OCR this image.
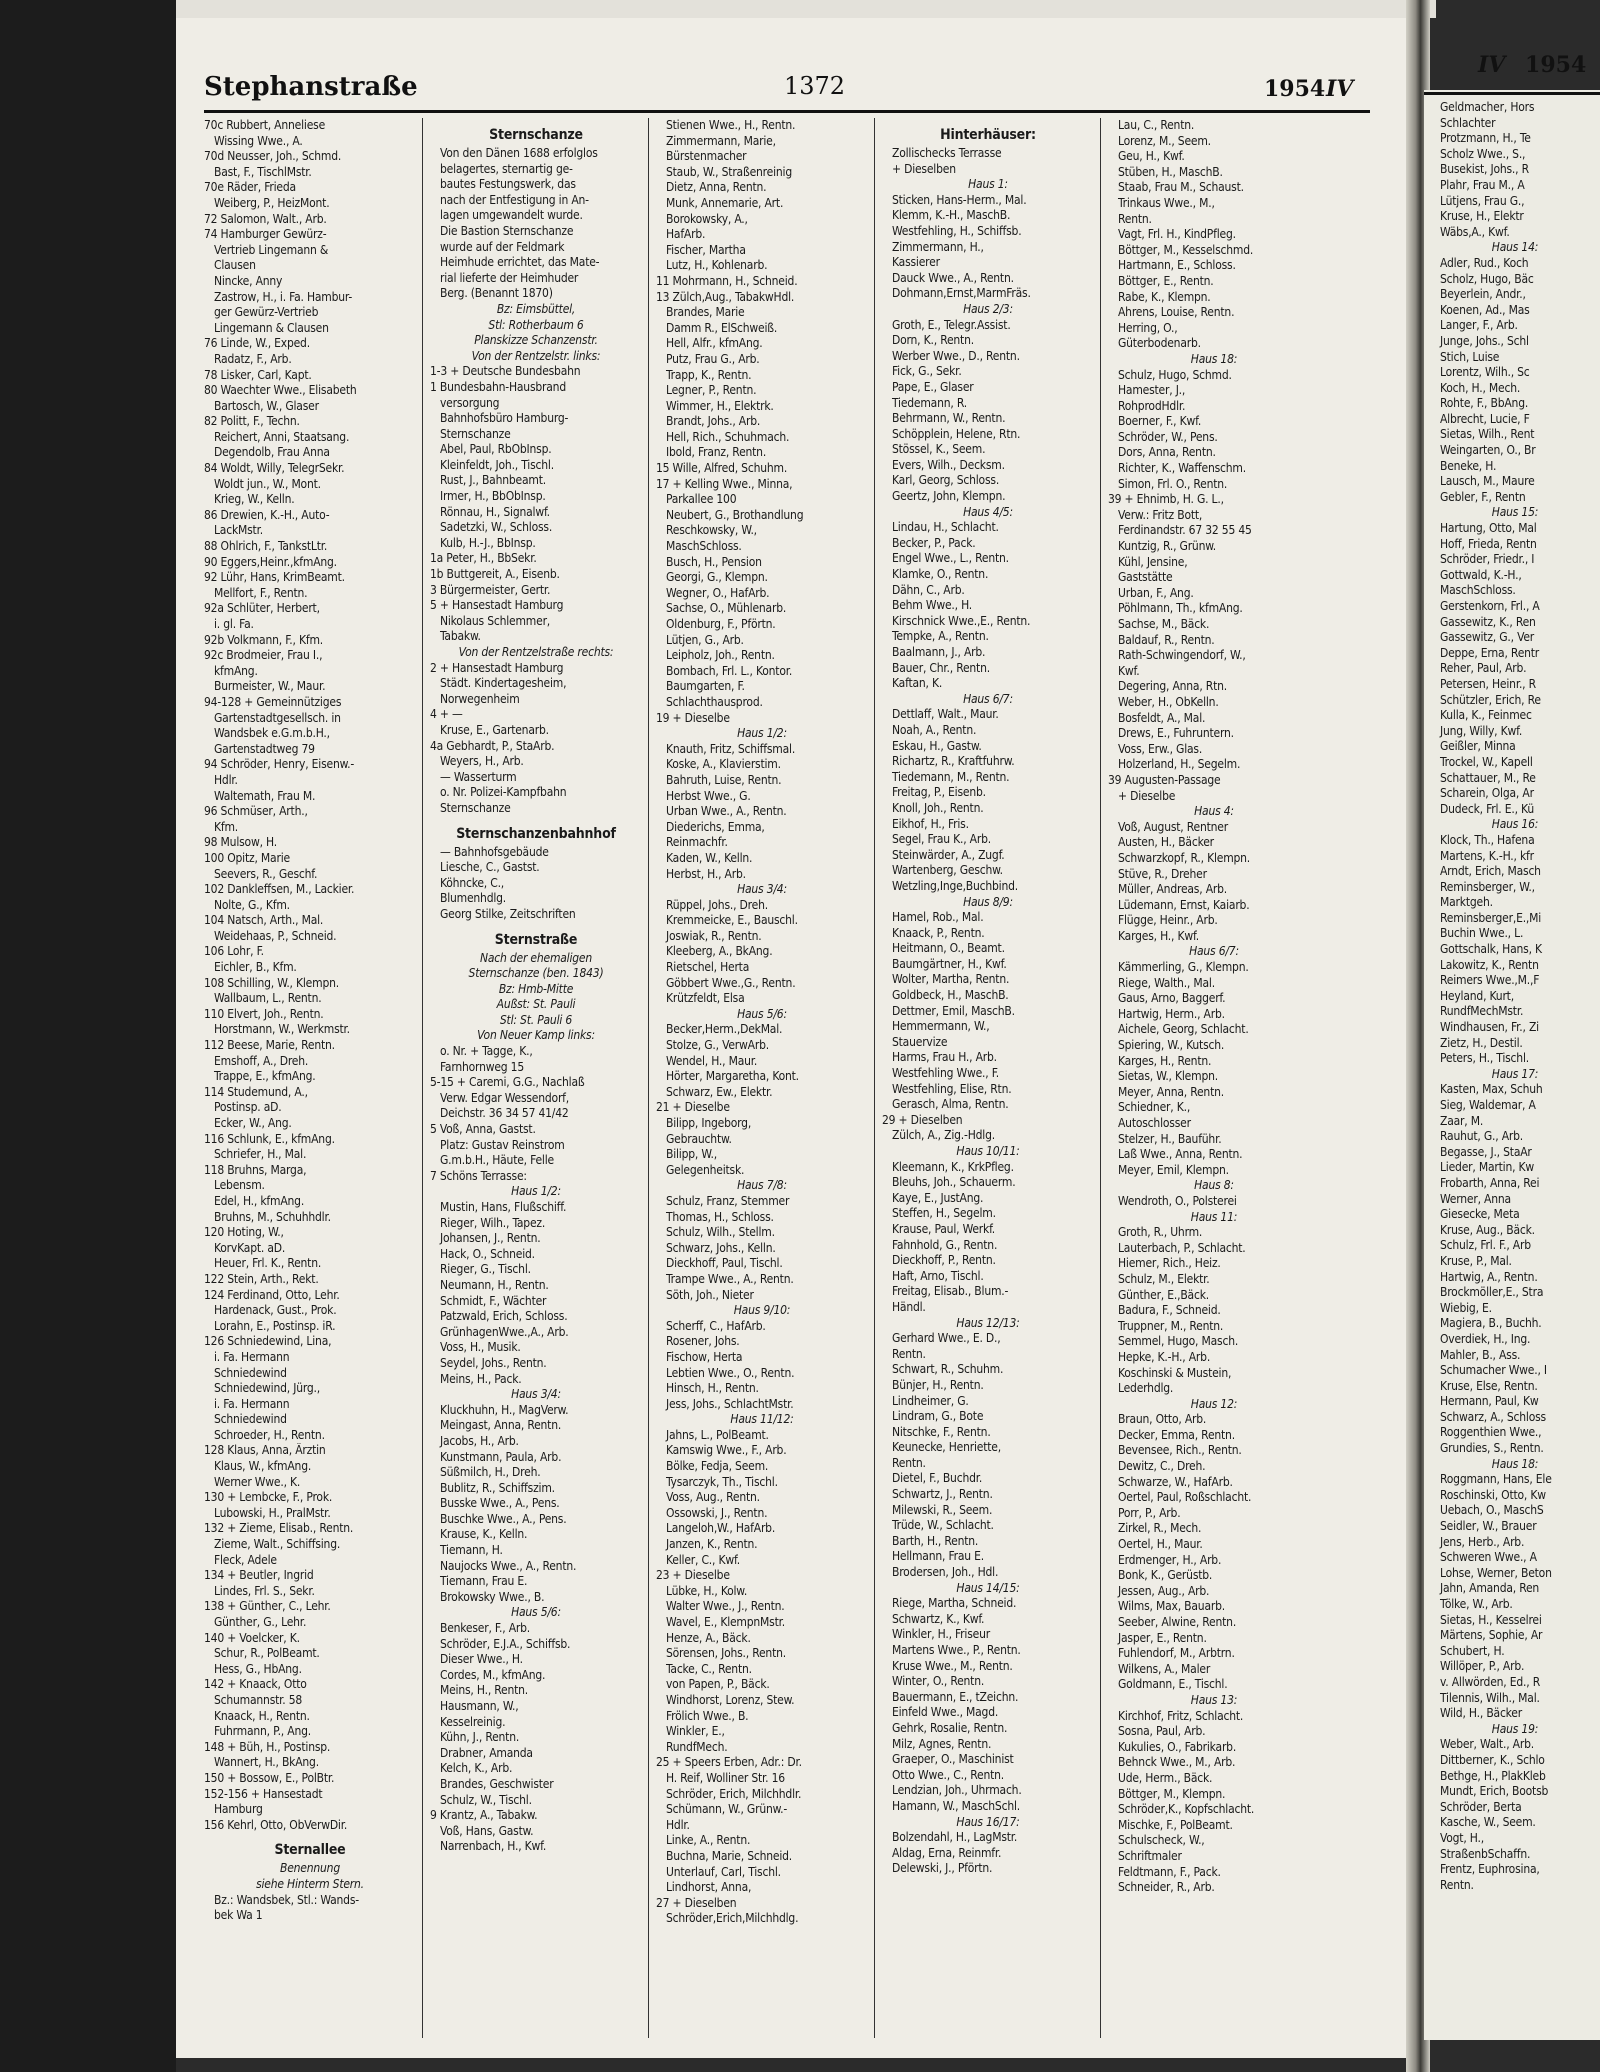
Stephanstraße	1372	1954 IV
70c Rubbert, Anneliese
Wissing Wwe., A.
70d Neusser, Joh., Schmd.
Bast, F., TischlMstr.
70e Räder, Frieda
Weiberg, P., HeizMont.
72 Salomon, Walt., Arb.
74 Hamburger Gewürz-
Vertrieb Lingemann &
Clausen
Nincke, Anny
Zastrow, H., i. Fa. Hambur-
ger Gewürz-Vertrieb
Lingemann & Clausen
76 Linde, W., Exped.
Radatz, F., Arb.
78 Lisker, Carl, Kapt.
80 Waechter Wwe., Elisabeth
Bartosch, W., Glaser
82 Politt, F., Techn.
Reichert, Anni, Staatsang.
Degendolb, Frau Anna
84 Woldt, Willy, TelegrSekr.
Woldt jun., W., Mont.
Krieg, W., Kelln.
86 Drewien, K.-H., Auto-
LackMstr.
88 Ohlrich, F., TankstLtr.
90 Eggers,Heinr.,kfmAng.
92 Lühr, Hans, KrimBeamt.
Mellfort, F., Rentn.
92a Schlüter, Herbert,
i. gl. Fa.
92b Volkmann, F., Kfm.
92c Brodmeier, Frau I.,
kfmAng.
Burmeister, W., Maur.
94-128 + Gemeinnütziges
Gartenstadtgesellsch. in
Wandsbek e.G.m.b.H.,
Gartenstadtweg 79
94 Schröder, Henry, Eisenw.-
Hdlr.
Waltemath, Frau M.
96 Schmüser, Arth.,
Kfm.
98 Mulsow, H.
100 Opitz, Marie
Seevers, R., Geschf.
102 Dankleffsen, M., Lackier.
Nolte, G., Kfm.
104 Natsch, Arth., Mal.
Weidehaas, P., Schneid.
106 Lohr, F.
Eichler, B., Kfm.
108 Schilling, W., Klempn.
Wallbaum, L., Rentn.
110 Elvert, Joh., Rentn.
Horstmann, W., Werkmstr.
112 Beese, Marie, Rentn.
Emshoff, A., Dreh.
Trappe, E., kfmAng.
114 Studemund, A.,
Postinsp. aD.
Ecker, W., Ang.
116 Schlunk, E., kfmAng.
Schriefer, H., Mal.
118 Bruhns, Marga,
Lebensm.
Edel, H., kfmAng.
Bruhns, M., Schuhhdlr.
120 Hoting, W.,
KorvKapt. aD.
Heuer, Frl. K., Rentn.
122 Stein, Arth., Rekt.
124 Ferdinand, Otto, Lehr.
Hardenack, Gust., Prok.
Lorahn, E., Postinsp. iR.
126 Schniedewind, Lina,
i. Fa. Hermann
Schniedewind
Schniedewind, Jürg.,
i. Fa. Hermann
Schniedewind
Schroeder, H., Rentn.
128 Klaus, Anna, Ärztin
Klaus, W., kfmAng.
Werner Wwe., K.
130 + Lembcke, F., Prok.
Lubowski, H., PralMstr.
132 + Zieme, Elisab., Rentn.
Zieme, Walt., Schiffsing.
Fleck, Adele
134 + Beutler, Ingrid
Lindes, Frl. S., Sekr.
138 + Günther, C., Lehr.
Günther, G., Lehr.
140 + Voelcker, K.
Schur, R., PolBeamt.
Hess, G., HbAng.
142 + Knaack, Otto
Schumannstr. 58
Knaack, H., Rentn.
Fuhrmann, P., Ang.
148 + Büh, H., Postinsp.
Wannert, H., BkAng.
150 + Bossow, E., PolBtr.
152-156 + Hansestadt
Hamburg
156 Kehrl, Otto, ObVerwDir.
Sternallee
Benennung
siehe Hinterm Stern.
Bz.: Wandsbek, Stl.: Wands-
bek Wa 1
Sternschanze
Von den Dänen 1688 erfolglos
belagertes, sternartig ge-
bautes Festungswerk, das
nach der Entfestigung in An-
lagen umgewandelt wurde.
Die Bastion Sternschanze
wurde auf der Feldmark
Heimhude errichtet, das Mate-
rial lieferte der Heimhuder
Berg. (Benannt 1870)
Bz: Eimsbüttel,
Stl: Rotherbaum 6
Planskizze Schanzenstr.
Von der Rentzelstr. links:
1-3 + Deutsche Bundesbahn
1 Bundesbahn-Hausbrand
versorgung
Bahnhofsbüro Hamburg-
Sternschanze
Abel, Paul, RbObInsp.
Kleinfeldt, Joh., Tischl.
Rust, J., Bahnbeamt.
Irmer, H., BbObInsp.
Rönnau, H., Signalwf.
Sadetzki, W., Schloss.
Kulb, H.-J., BbInsp.
1a Peter, H., BbSekr.
1b Buttgereit, A., Eisenb.
3 Bürgermeister, Gertr.
5 + Hansestadt Hamburg
Nikolaus Schlemmer,
Tabakw.
Von der Rentzelstraße rechts:
2 + Hansestadt Hamburg
Städt. Kindertagesheim,
Norwegenheim
4 + —
Kruse, E., Gartenarb.
4a Gebhardt, P., StaArb.
Weyers, H., Arb.
— Wasserturm
o. Nr. Polizei-Kampfbahn
Sternschanze
Sternschanzenbahnhof
— Bahnhofsgebäude
Liesche, C., Gastst.
Köhncke, C.,
Blumenhdlg.
Georg Stilke, Zeitschriften
Sternstraße
Nach der ehemaligen
Sternschanze (ben. 1843)
Bz: Hmb-Mitte
Außst: St. Pauli
Stl: St. Pauli 6
Von Neuer Kamp links:
o. Nr. + Tagge, K.,
Farnhornweg 15
5-15 + Caremi, G.G., Nachlaß
Verw. Edgar Wessendorf,
Deichstr. 36 34 57 41/42
5 Voß, Anna, Gastst.
Platz: Gustav Reinstrom
G.m.b.H., Häute, Felle
7 Schöns Terrasse:
Haus 1/2:
Mustin, Hans, Flußschiff.
Rieger, Wilh., Tapez.
Johansen, J., Rentn.
Hack, O., Schneid.
Rieger, G., Tischl.
Neumann, H., Rentn.
Schmidt, F., Wächter
Patzwald, Erich, Schloss.
GrünhagenWwe.,A., Arb.
Voss, H., Musik.
Seydel, Johs., Rentn.
Meins, H., Pack.
Haus 3/4:
Kluckhuhn, H., MagVerw.
Meingast, Anna, Rentn.
Jacobs, H., Arb.
Kunstmann, Paula, Arb.
Süßmilch, H., Dreh.
Bublitz, R., Schiffszim.
Busske Wwe., A., Pens.
Buschke Wwe., A., Pens.
Krause, K., Kelln.
Tiemann, H.
Naujocks Wwe., A., Rentn.
Tiemann, Frau E.
Brokowsky Wwe., B.
Haus 5/6:
Benkeser, F., Arb.
Schröder, E.J.A., Schiffsb.
Dieser Wwe., H.
Cordes, M., kfmAng.
Meins, H., Rentn.
Hausmann, W.,
Kesselreinig.
Kühn, J., Rentn.
Drabner, Amanda
Kelch, K., Arb.
Brandes, Geschwister
Schulz, W., Tischl.
9 Krantz, A., Tabakw.
Voß, Hans, Gastw.
Narrenbach, H., Kwf.
Stienen Wwe., H., Rentn.
Zimmermann, Marie,
Bürstenmacher
Staub, W., Straßenreinig
Dietz, Anna, Rentn.
Munk, Annemarie, Art.
Borokowsky, A.,
HafArb.
Fischer, Martha
Lutz, H., Kohlenarb.
11 Mohrmann, H., Schneid.
13 Zülch,Aug., TabakwHdl.
Brandes, Marie
Damm R., ElSchweiß.
Hell, Alfr., kfmAng.
Putz, Frau G., Arb.
Trapp, K., Rentn.
Legner, P., Rentn.
Wimmer, H., Elektrk.
Brandt, Johs., Arb.
Hell, Rich., Schuhmach.
Ibold, Franz, Rentn.
15 Wille, Alfred, Schuhm.
17 + Kelling Wwe., Minna,
Parkallee 100
Neubert, G., Brothandlung
Reschkowsky, W.,
MaschSchloss.
Busch, H., Pension
Georgi, G., Klempn.
Wegner, O., HafArb.
Sachse, O., Mühlenarb.
Oldenburg, F., Pförtn.
Lütjen, G., Arb.
Leipholz, Joh., Rentn.
Bombach, Frl. L., Kontor.
Baumgarten, F.
Schlachthausprod.
19 + Dieselbe
Haus 1/2:
Knauth, Fritz, Schiffsmal.
Koske, A., Klavierstim.
Bahruth, Luise, Rentn.
Herbst Wwe., G.
Urban Wwe., A., Rentn.
Diederichs, Emma,
Reinmachfr.
Kaden, W., Kelln.
Herbst, H., Arb.
Haus 3/4:
Rüppel, Johs., Dreh.
Kremmeicke, E., Bauschl.
Joswiak, R., Rentn.
Kleeberg, A., BkAng.
Rietschel, Herta
Göbbert Wwe.,G., Rentn.
Krützfeldt, Elsa
Haus 5/6:
Becker,Herm.,DekMal.
Stolze, G., VerwArb.
Wendel, H., Maur.
Hörter, Margaretha, Kont.
Schwarz, Ew., Elektr.
21 + Dieselbe
Bilipp, Ingeborg,
Gebrauchtw.
Bilipp, W.,
Gelegenheitsk.
Haus 7/8:
Schulz, Franz, Stemmer
Thomas, H., Schloss.
Schulz, Wilh., Stellm.
Schwarz, Johs., Kelln.
Dieckhoff, Paul, Tischl.
Trampe Wwe., A., Rentn.
Söth, Joh., Nieter
Haus 9/10:
Scherff, C., HafArb.
Rosener, Johs.
Fischow, Herta
Lebtien Wwe., O., Rentn.
Hinsch, H., Rentn.
Jess, Johs., SchlachtMstr.
Haus 11/12:
Jahns, L., PolBeamt.
Kamswig Wwe., F., Arb.
Bölke, Fedja, Seem.
Tysarczyk, Th., Tischl.
Voss, Aug., Rentn.
Ossowski, J., Rentn.
Langeloh,W., HafArb.
Janzen, K., Rentn.
Keller, C., Kwf.
23 + Dieselbe
Lübke, H., Kolw.
Walter Wwe., J., Rentn.
Wavel, E., KlempnMstr.
Henze, A., Bäck.
Sörensen, Johs., Rentn.
Tacke, C., Rentn.
von Papen, P., Bäck.
Windhorst, Lorenz, Stew.
Frölich Wwe., B.
Winkler, E.,
RundfMech.
25 + Speers Erben, Adr.: Dr.
H. Reif, Wolliner Str. 16
Schröder, Erich, Milchhdlr.
Schümann, W., Grünw.-
Hdlr.
Linke, A., Rentn.
Buchna, Marie, Schneid.
Unterlauf, Carl, Tischl.
Lindhorst, Anna,
27 + Dieselben
Schröder,Erich,Milchhdlg.
Hinterhäuser:
Zollischecks Terrasse
+ Dieselben
Haus 1:
Sticken, Hans-Herm., Mal.
Klemm, K.-H., MaschB.
Westfehling, H., Schiffsb.
Zimmermann, H.,
Kassierer
Dauck Wwe., A., Rentn.
Dohmann,Ernst,MarmFräs.
Haus 2/3:
Groth, E., Telegr.Assist.
Dorn, K., Rentn.
Werber Wwe., D., Rentn.
Fick, G., Sekr.
Pape, E., Glaser
Tiedemann, R.
Behrmann, W., Rentn.
Schöpplein, Helene, Rtn.
Stössel, K., Seem.
Evers, Wilh., Decksm.
Karl, Georg, Schloss.
Geertz, John, Klempn.
Haus 4/5:
Lindau, H., Schlacht.
Becker, P., Pack.
Engel Wwe., L., Rentn.
Klamke, O., Rentn.
Dähn, C., Arb.
Behm Wwe., H.
Kirschnick Wwe.,E., Rentn.
Tempke, A., Rentn.
Baalmann, J., Arb.
Bauer, Chr., Rentn.
Kaftan, K.
Haus 6/7:
Dettlaff, Walt., Maur.
Noah, A., Rentn.
Eskau, H., Gastw.
Richartz, R., Kraftfuhrw.
Tiedemann, M., Rentn.
Freitag, P., Eisenb.
Knoll, Joh., Rentn.
Eikhof, H., Fris.
Segel, Frau K., Arb.
Steinwärder, A., Zugf.
Wartenberg, Geschw.
Wetzling,Inge,Buchbind.
Haus 8/9:
Hamel, Rob., Mal.
Knaack, P., Rentn.
Heitmann, O., Beamt.
Baumgärtner, H., Kwf.
Wolter, Martha, Rentn.
Goldbeck, H., MaschB.
Dettmer, Emil, MaschB.
Hemmermann, W.,
Stauervize
Harms, Frau H., Arb.
Westfehling Wwe., F.
Westfehling, Elise, Rtn.
Gerasch, Alma, Rentn.
29 + Dieselben
Zülch, A., Zig.-Hdlg.
Haus 10/11:
Kleemann, K., KrkPfleg.
Bleuhs, Joh., Schauerm.
Kaye, E., JustAng.
Steffen, H., Segelm.
Krause, Paul, Werkf.
Fahnhold, G., Rentn.
Dieckhoff, P., Rentn.
Haft, Arno, Tischl.
Freitag, Elisab., Blum.-
Händl.
Haus 12/13:
Gerhard Wwe., E. D.,
Rentn.
Schwart, R., Schuhm.
Bünjer, H., Rentn.
Lindheimer, G.
Lindram, G., Bote
Nitschke, F., Rentn.
Keunecke, Henriette,
Rentn.
Dietel, F., Buchdr.
Schwartz, J., Rentn.
Milewski, R., Seem.
Trüde, W., Schlacht.
Barth, H., Rentn.
Hellmann, Frau E.
Brodersen, Joh., Hdl.
Haus 14/15:
Riege, Martha, Schneid.
Schwartz, K., Kwf.
Winkler, H., Friseur
Martens Wwe., P., Rentn.
Kruse Wwe., M., Rentn.
Winter, O., Rentn.
Bauermann, E., tZeichn.
Einfeld Wwe., Magd.
Gehrk, Rosalie, Rentn.
Milz, Agnes, Rentn.
Graeper, O., Maschinist
Otto Wwe., C., Rentn.
Lendzian, Joh., Uhrmach.
Hamann, W., MaschSchl.
Haus 16/17:
Bolzendahl, H., LagMstr.
Aldag, Erna, Reinmfr.
Delewski, J., Pförtn.
Lau, C., Rentn.
Lorenz, M., Seem.
Geu, H., Kwf.
Stüben, H., MaschB.
Staab, Frau M., Schaust.
Trinkaus Wwe., M.,
Rentn.
Vagt, Frl. H., KindPfleg.
Böttger, M., Kesselschmd.
Hartmann, E., Schloss.
Böttger, E., Rentn.
Rabe, K., Klempn.
Ahrens, Louise, Rentn.
Herring, O.,
Güterbodenarb.
Haus 18:
Schulz, Hugo, Schmd.
Hamester, J.,
RohprodHdlr.
Boerner, F., Kwf.
Schröder, W., Pens.
Dors, Anna, Rentn.
Richter, K., Waffenschm.
Simon, Frl. O., Rentn.
39 + Ehnimb, H. G. L.,
Verw.: Fritz Bott,
Ferdinandstr. 67 32 55 45
Kuntzig, R., Grünw.
Kühl, Jensine,
Gaststätte
Urban, F., Ang.
Pöhlmann, Th., kfmAng.
Sachse, M., Bäck.
Baldauf, R., Rentn.
Rath-Schwingendorf, W.,
Kwf.
Degering, Anna, Rtn.
Weber, H., ObKelln.
Bosfeldt, A., Mal.
Drews, E., Fuhruntern.
Voss, Erw., Glas.
Holzerland, H., Segelm.
39 Augusten-Passage
+ Dieselbe
Haus 4:
Voß, August, Rentner
Austen, H., Bäcker
Schwarzkopf, R., Klempn.
Stüve, R., Dreher
Müller, Andreas, Arb.
Lüdemann, Ernst, Kaiarb.
Flügge, Heinr., Arb.
Karges, H., Kwf.
Haus 6/7:
Kämmerling, G., Klempn.
Riege, Walth., Mal.
Gaus, Arno, Baggerf.
Hartwig, Herm., Arb.
Aichele, Georg, Schlacht.
Spiering, W., Kutsch.
Karges, H., Rentn.
Sietas, W., Klempn.
Meyer, Anna, Rentn.
Schiedner, K.,
Autoschlosser
Stelzer, H., Bauführ.
Laß Wwe., Anna, Rentn.
Meyer, Emil, Klempn.
Haus 8:
Wendroth, O., Polsterei
Haus 11:
Groth, R., Uhrm.
Lauterbach, P., Schlacht.
Hiemer, Rich., Heiz.
Schulz, M., Elektr.
Günther, E.,Bäck.
Badura, F., Schneid.
Truppner, M., Rentn.
Semmel, Hugo, Masch.
Hepke, K.-H., Arb.
Koschinski & Mustein,
Lederhdlg.
Haus 12:
Braun, Otto, Arb.
Decker, Emma, Rentn.
Bevensee, Rich., Rentn.
Dewitz, C., Dreh.
Schwarze, W., HafArb.
Oertel, Paul, Roßschlacht.
Porr, P., Arb.
Zirkel, R., Mech.
Oertel, H., Maur.
Erdmenger, H., Arb.
Bonk, K., Gerüstb.
Jessen, Aug., Arb.
Wilms, Max, Bauarb.
Seeber, Alwine, Rentn.
Jasper, E., Rentn.
Fuhlendorf, M., Arbtrn.
Wilkens, A., Maler
Goldmann, E., Tischl.
Haus 13:
Kirchhof, Fritz, Schlacht.
Sosna, Paul, Arb.
Kukulies, O., Fabrikarb.
Behnck Wwe., M., Arb.
Ude, Herm., Bäck.
Böttger, M., Klempn.
Schröder,K., Kopfschlacht.
Mischke, F., PolBeamt.
Schulscheck, W.,
Schriftmaler
Feldtmann, F., Pack.
Schneider, R., Arb.
Geldmacher, Hors
Schlachter
Protzmann, H., Te
Scholz Wwe., S.,
Busekist, Johs., R
Plahr, Frau M., A
Lütjens, Frau G.,
Kruse, H., Elektr
Wäbs,A., Kwf.
Haus 14:
Adler, Rud., Koch
Scholz, Hugo, Bäc
Beyerlein, Andr.,
Koenen, Ad., Mas
Langer, F., Arb.
Junge, Johs., Schl
Stich, Luise
Lorentz, Wilh., Sc
Koch, H., Mech.
Rohte, F., BbAng.
Albrecht, Lucie, F
Sietas, Wilh., Rent
Weingarten, O., Br
Beneke, H.
Lausch, M., Maure
Gebler, F., Rentn
Haus 15:
Hartung, Otto, Mal
Hoff, Frieda, Rentn
Schröder, Friedr., I
Gottwald, K.-H.,
MaschSchloss.
Gerstenkorn, Frl., A
Gassewitz, K., Ren
Gassewitz, G., Ver
Deppe, Erna, Rentr
Reher, Paul, Arb.
Petersen, Heinr., R
Schützler, Erich, Re
Kulla, K., Feinmec
Jung, Willy, Kwf.
Geißler, Minna
Trockel, W., Kapell
Schattauer, M., Re
Scharein, Olga, Ar
Dudeck, Frl. E., Kü
Haus 16:
Klock, Th., Hafena
Martens, K.-H., kfr
Arndt, Erich, Masch
Reminsberger, W.,
Marktgeh.
Reminsberger,E.,Mi
Buchin Wwe., L.
Gottschalk, Hans, K
Lakowitz, K., Rentn
Reimers Wwe.,M.,F
Heyland, Kurt,
RundfMechMstr.
Windhausen, Fr., Zi
Zietz, H., Destil.
Peters, H., Tischl.
Haus 17:
Kasten, Max, Schuh
Sieg, Waldemar, A
Zaar, M.
Rauhut, G., Arb.
Begasse, J., StaAr
Lieder, Martin, Kw
Frobarth, Anna, Rei
Werner, Anna
Giesecke, Meta
Kruse, Aug., Bäck.
Schulz, Frl. F., Arb
Kruse, P., Mal.
Hartwig, A., Rentn.
Brockmöller,E., Stra
Wiebig, E.
Magiera, B., Buchh.
Overdiek, H., Ing.
Mahler, B., Ass.
Schumacher Wwe., I
Kruse, Else, Rentn.
Hermann, Paul, Kw
Schwarz, A., Schloss
Roggenthien Wwe.,
Grundies, S., Rentn.
Haus 18:
Roggmann, Hans, Ele
Roschinski, Otto, Kw
Uebach, O., MaschS
Seidler, W., Brauer
Jens, Herb., Arb.
Schweren Wwe., A
Lohse, Werner, Beton
Jahn, Amanda, Ren
Tölke, W., Arb.
Sietas, H., Kesselrei
Märtens, Sophie, Ar
Schubert, H.
Willöper, P., Arb.
v. Allwörden, Ed., R
Tilennis, Wilh., Mal.
Wild, H., Bäcker
Haus 19:
Weber, Walt., Arb.
Dittberner, K., Schlo
Bethge, H., PlakKleb
Mundt, Erich, Bootsb
Schröder, Berta
Kasche, W., Seem.
Vogt, H.,
StraßenbSchaffn.
Frentz, Euphrosina,
Rentn.
IV 1954
